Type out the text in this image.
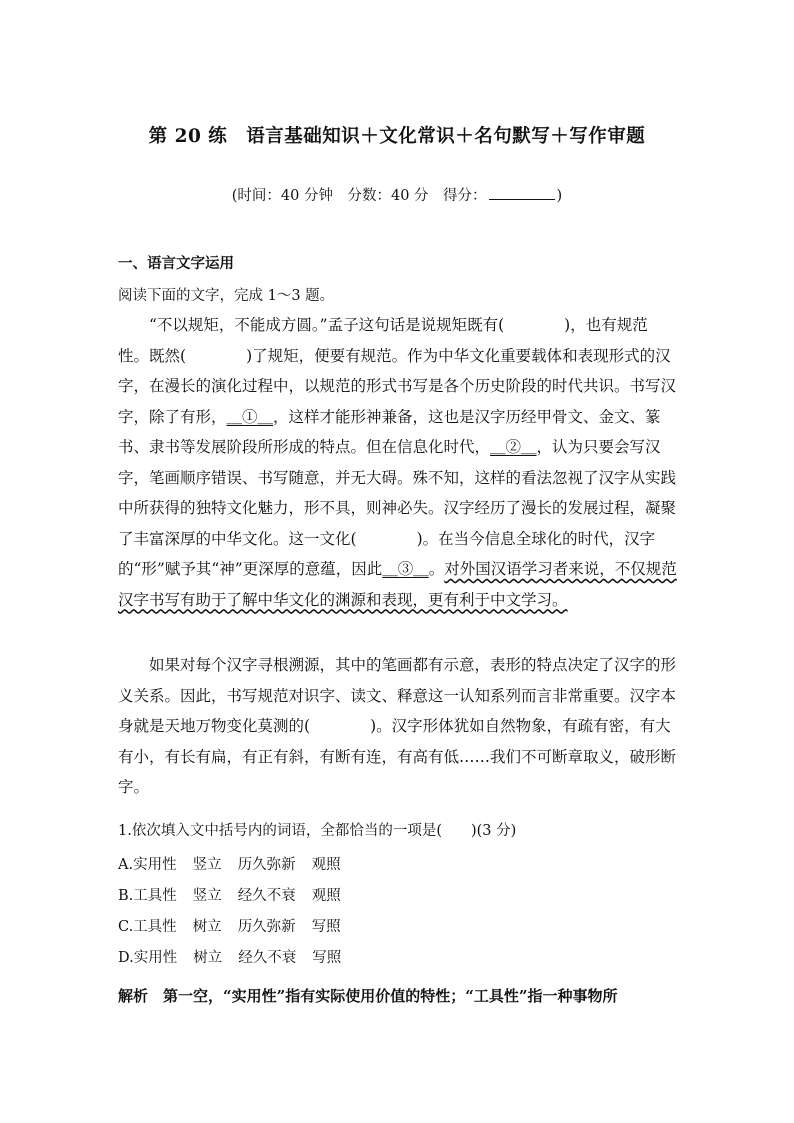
第 20 练　语言基础知识＋文化常识＋名句默写＋写作审题
(时间：40 分钟　分数：40 分　得分：	)
一、语言文字运用
阅读下面的文字，完成 1～3 题。
“不以规矩，不能成方圆。”孟子这句话是说规矩既有(	)，也有规范性。既然(	)了规矩，便要有规范。作为中华文化重要载体和表现形式的汉字，在漫长的演化过程中，以规范的形式书写是各个历史阶段的时代共识。书写汉字，除了有形，＿①＿，这样才能形神兼备，这也是汉字历经甲骨文、金文、篆书、隶书等发展阶段所形成的特点。但在信息化时代，＿②＿，认为只要会写汉字，笔画顺序错误、书写随意，并无大碍。殊不知，这样的看法忽视了汉字从实践中所获得的独特文化魅力，形不具，则神必失。汉字经历了漫长的发展过程，凝聚了丰富深厚的中华文化。这一文化(	)。在当今信息全球化的时代，汉字的“形”赋予其“神”更深厚的意蕴，因此＿③＿。对外国汉语学习者来说，不仅规范汉字书写有助于了解中华文化的渊源和表现，更有利于中文学习。
如果对每个汉字寻根溯源，其中的笔画都有示意，表形的特点决定了汉字的形义关系。因此，书写规范对识字、读文、释意这一认知系列而言非常重要。汉字本身就是天地万物变化莫测的(	)。汉字形体犹如自然物象，有疏有密，有大有小，有长有扁，有正有斜，有断有连，有高有低……我们不可断章取义，破形断字。
1.依次填入文中括号内的词语，全都恰当的一项是(　　)(3 分)
A.实用性 竖立 历久弥新 观照
B.工具性 竖立 经久不衰 观照
C.工具性 树立 历久弥新 写照
D.实用性 树立 经久不衰 写照
解析　第一空，“实用性”指有实际使用价值的特性；“工具性”指一种事物所
